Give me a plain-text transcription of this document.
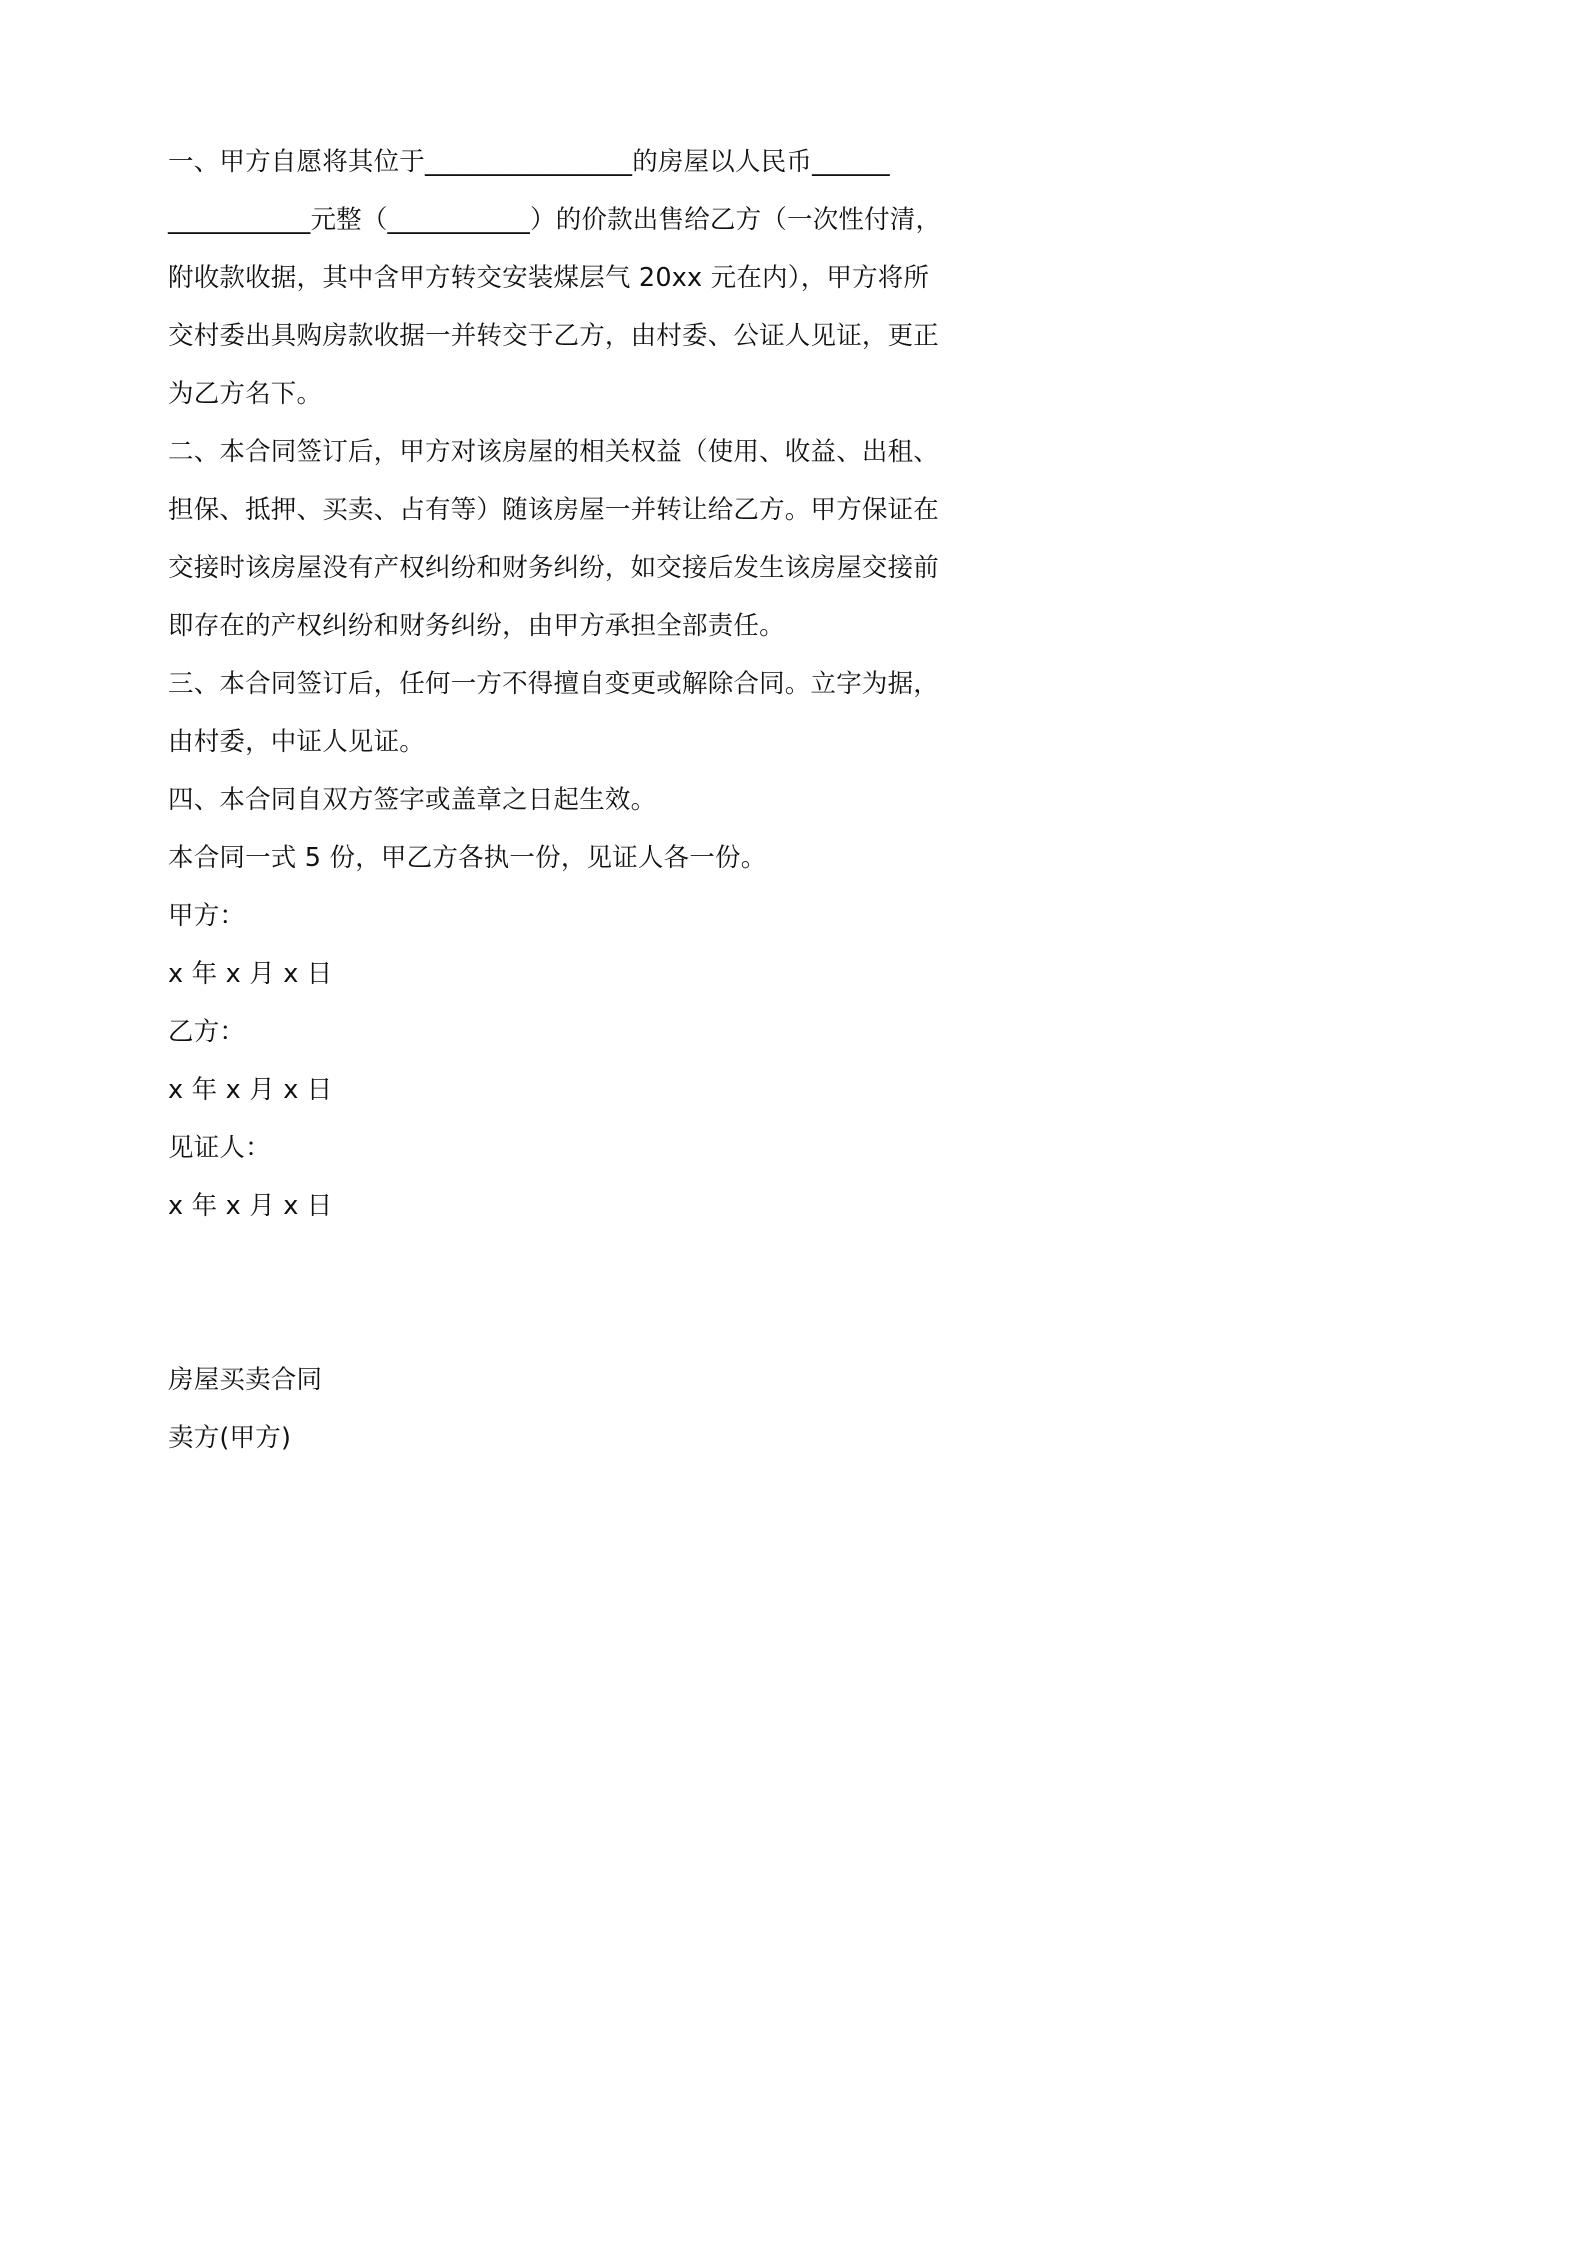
一、甲方自愿将其位于________________的房屋以人民币______
___________元整（___________）的价款出售给乙方（一次性付清，
附收款收据，其中含甲方转交安装煤层气 20xx 元在内），甲方将所
交村委出具购房款收据一并转交于乙方，由村委、公证人见证，更正
为乙方名下。
二、本合同签订后，甲方对该房屋的相关权益（使用、收益、出租、
担保、抵押、买卖、占有等）随该房屋一并转让给乙方。甲方保证在
交接时该房屋没有产权纠纷和财务纠纷，如交接后发生该房屋交接前
即存在的产权纠纷和财务纠纷，由甲方承担全部责任。
三、本合同签订后，任何一方不得擅自变更或解除合同。立字为据，
由村委，中证人见证。
四、本合同自双方签字或盖章之日起生效。
本合同一式 5 份，甲乙方各执一份，见证人各一份。
甲方：
x 年 x 月 x 日
乙方：
x 年 x 月 x 日
见证人：
x 年 x 月 x 日
房屋买卖合同
卖方(甲方)
